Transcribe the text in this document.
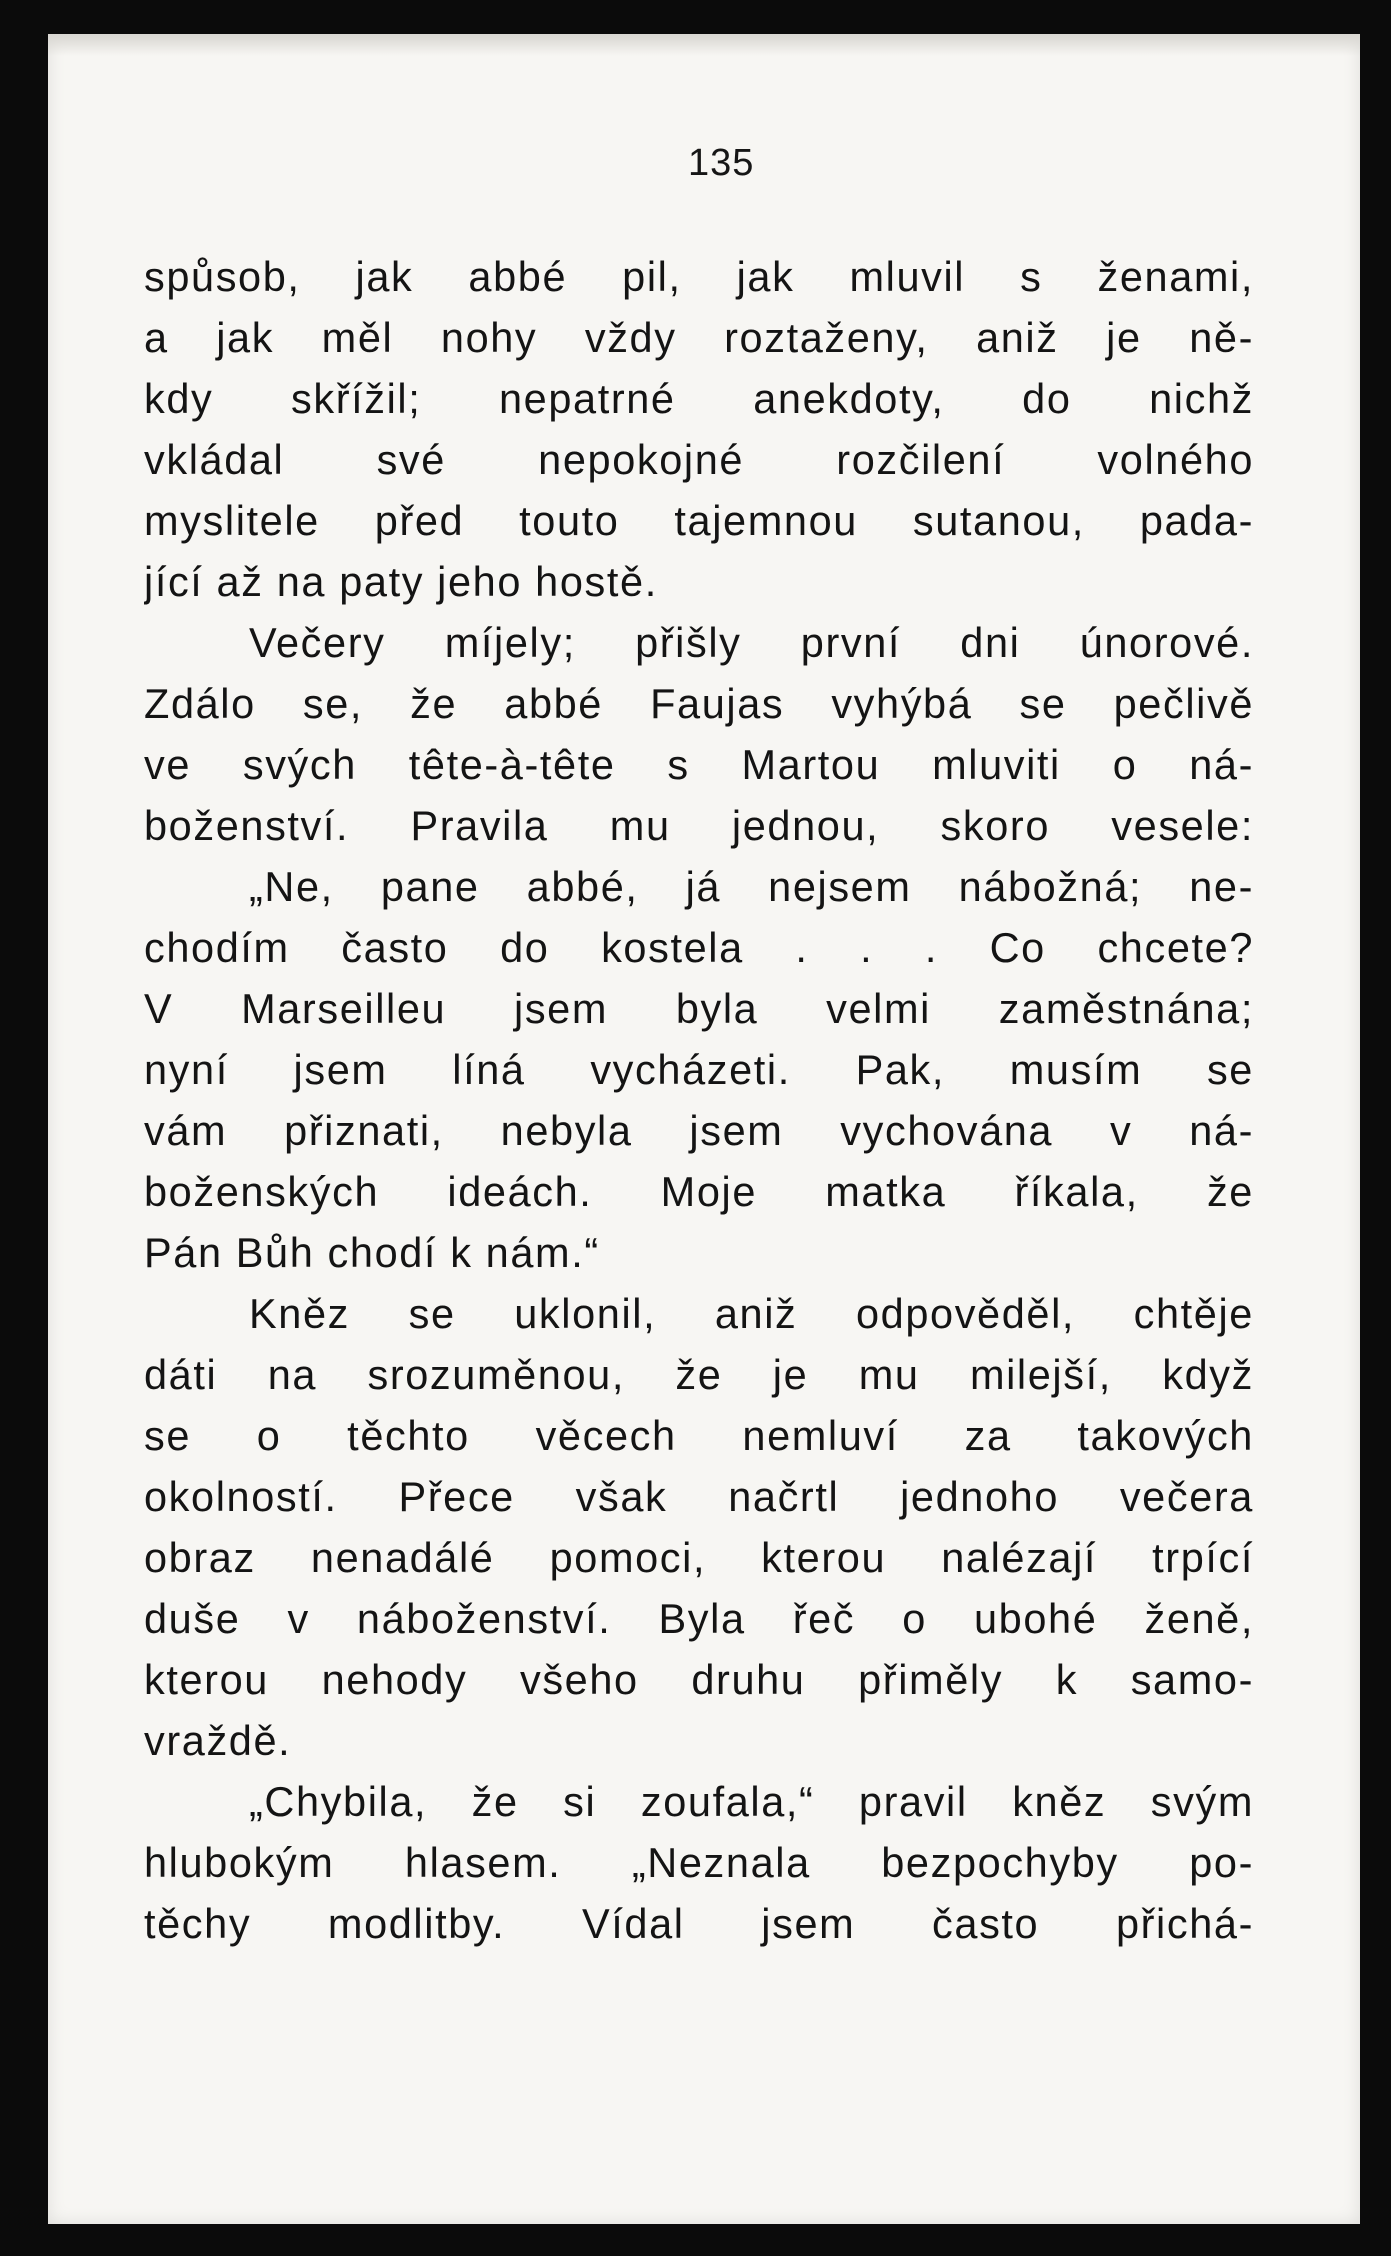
135
spůsob, jak abbé pil, jak mluvil s ženami,
a jak měl nohy vždy roztaženy, aniž je ně-
kdy skřížil; nepatrné anekdoty, do nichž
vkládal své nepokojné rozčilení volného
myslitele před touto tajemnou sutanou, pada-
jící až na paty jeho hostě.
Večery míjely; přišly první dni únorové.
Zdálo se, že abbé Faujas vyhýbá se pečlivě
ve svých tête-à-tête s Martou mluviti o ná-
boženství. Pravila mu jednou, skoro vesele:
„Ne, pane abbé, já nejsem nábožná; ne-
chodím často do kostela . . . Co chcete?
V Marseilleu jsem byla velmi zaměstnána;
nyní jsem líná vycházeti. Pak, musím se
vám přiznati, nebyla jsem vychována v ná-
boženských ideách. Moje matka říkala, že
Pán Bůh chodí k nám.“
Kněz se uklonil, aniž odpověděl, chtěje
dáti na srozuměnou, že je mu milejší, když
se o těchto věcech nemluví za takových
okolností. Přece však načrtl jednoho večera
obraz nenadálé pomoci, kterou nalézají trpící
duše v náboženství. Byla řeč o ubohé ženě,
kterou nehody všeho druhu přiměly k samo-
vraždě.
„Chybila, že si zoufala,“ pravil kněz svým
hlubokým hlasem. „Neznala bezpochyby po-
těchy modlitby. Vídal jsem často přichá-
